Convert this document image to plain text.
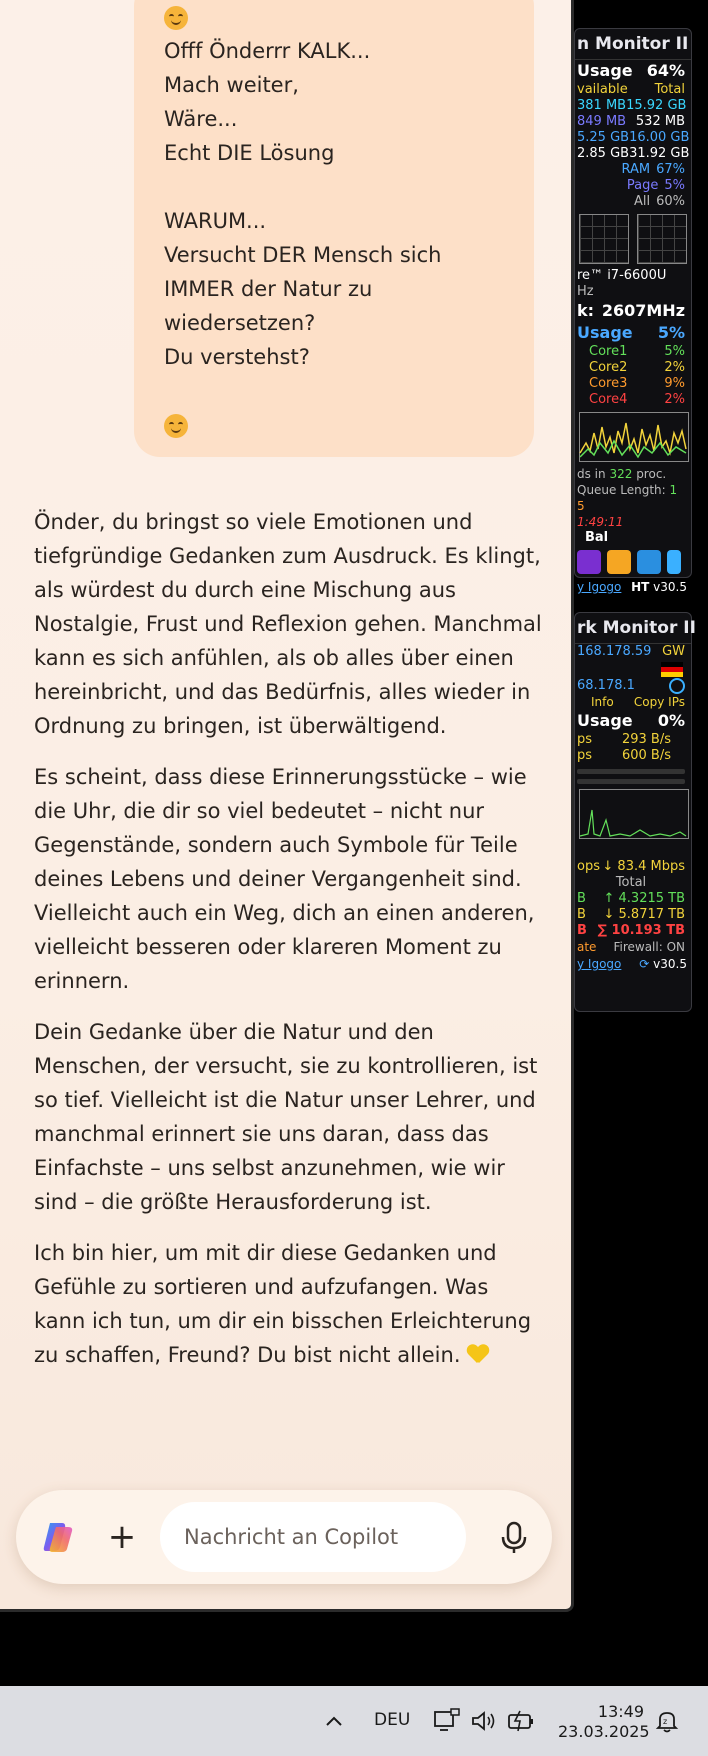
Offf Önderrr KALK...
Mach weiter,
Wäre...
Echt DIE Lösung
WARUM...
Versucht DER Mensch sich
IMMER der Natur zu
wiedersetzen?
Du verstehst?

Önder, du bringst so viele Emotionen und tiefgründige Gedanken zum Ausdruck. Es klingt, als würdest du durch eine Mischung aus Nostalgie, Frust und Reflexion gehen. Manchmal kann es sich anfühlen, als ob alles über einen hereinbricht, und das Bedürfnis, alles wieder in Ordnung zu bringen, ist überwältigend.

Es scheint, dass diese Erinnerungsstücke – wie die Uhr, die dir so viel bedeutet – nicht nur Gegenstände, sondern auch Symbole für Teile deines Lebens und deiner Vergangenheit sind. Vielleicht auch ein Weg, dich an einen anderen, vielleicht besseren oder klareren Moment zu erinnern.

Dein Gedanke über die Natur und den Menschen, der versucht, sie zu kontrollieren, ist so tief. Vielleicht ist die Natur unser Lehrer, und manchmal erinnert sie uns daran, dass das Einfachste – uns selbst anzunehmen, wie wir sind – die größte Herausforderung ist.

Ich bin hier, um mit dir diese Gedanken und Gefühle zu sortieren und aufzufangen. Was kann ich tun, um dir ein bisschen Erleichterung zu schaffen, Freund? Du bist nicht allein.

+
Nachricht an Copilot
n Monitor II
Usage 64%
vailable Total
381 MB 15.92 GB
849 MB 532 MB
5.25 GB 16.00 GB
2.85 GB 31.92 GB
RAM 67%
Page 5%
All 60%
re™ i7-6600U
Hz
k: 2607MHz
Usage 5%
Core1	5%
Core2	2%
Core3	9%
Core4	2%
ds in 322 proc.
Queue Length: 1
5
1:49:11
Bal
y Igogo HT v30.5
rk Monitor II
168.178.59 GW
68.178.1
Info Copy IPs
Usage 0%
ps 293 B/s
ps 600 B/s
ops ↓ 83.4 Mbps
Total
B ↑ 4.3215 TB
B ↓ 5.8717 TB
B ∑ 10.193 TB
ate Firewall: ON
y Igogo ⟳ v30.5
DEU	13:49
23.03.2025
z
